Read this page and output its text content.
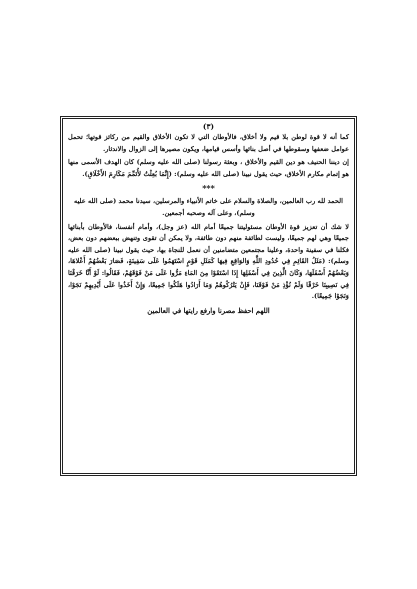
(٣)

كما أنه لا قوة لوطن بلا قيم ولا أخلاق، فالأوطان التي لا تكون الأخلاق والقيم من ركائز قوتها؛ تحمل عوامل ضعفها وسقوطها في أصل بنائها وأسس قيامها، ويكون مصيرها إلى الزوال والاندثار.

إن ديننا الحنيف هو دين القيم والأخلاق ، وبعثة رسولنا (صلى الله عليه وسلم) كان الهدف الأسمى منها هو إتمام مكارم الأخلاق، حيث يقول نبينا (صلى الله عليه وسلم): (إِنَّمَا بُعِثْتُ لأُتَمِّمَ مَكَارِمَ الأَخْلَاقِ).

***

الحمد لله رب العالمين، والصلاة والسلام على خاتم الأنبياء والمرسلين، سيدنا محمد (صلى الله عليه وسلم)، وعلى آله وصحبه أجمعين.

لا شك أن تعزيز قوة الأوطان مسئوليتنا جميعًا أمام الله (عز وجل)، وأمام أنفسنا، فالأوطان بأبنائها جميعًا وهي لهم جميعًا، وليست لطائفة منهم دون طائفة، ولا يمكن أن تقوى وتنهض ببعضهم دون بعض، فكلنا في سفينة واحدة، وعلينا مجتمعين متضامنين أن نعمل للنجاة بها، حيث يقول نبينا (صلى الله عليه وسلم): (مَثَلُ القَائِمِ فِي حُدُودِ اللَّهِ وَالوَاقِعِ فِيهَا كَمَثَلِ قَوْمٍ اسْتَهَمُوا عَلَى سَفِينَةٍ، فَصَارَ بَعْضُهُمْ أَعْلاهَا، وَبَعْضُهُمْ أَسْفَلَهَا، وَكَانَ الَّذِينَ فِي أَسْفَلِهَا إِذَا اسْتَقَوْا مِنَ المَاءِ مَرُّوا عَلَى مَنْ فَوْقَهُمْ، فَقَالُوا: لَوْ أَنَّا خَرَقْنَا فِي نَصِيبِنَا خَرْقًا وَلَمْ نُؤْذِ مَنْ فَوْقَنَا، فَإِنْ يَتْرُكُوهُمْ وَمَا أَرَادُوا هَلَكُوا جَمِيعًا، وَإِنْ أَخَذُوا عَلَى أَيْدِيهِمْ نَجَوْا، وَنَجَوْا جَمِيعًا).

اللهم احفظ مصرنا وارفع رايتها في العالمين
